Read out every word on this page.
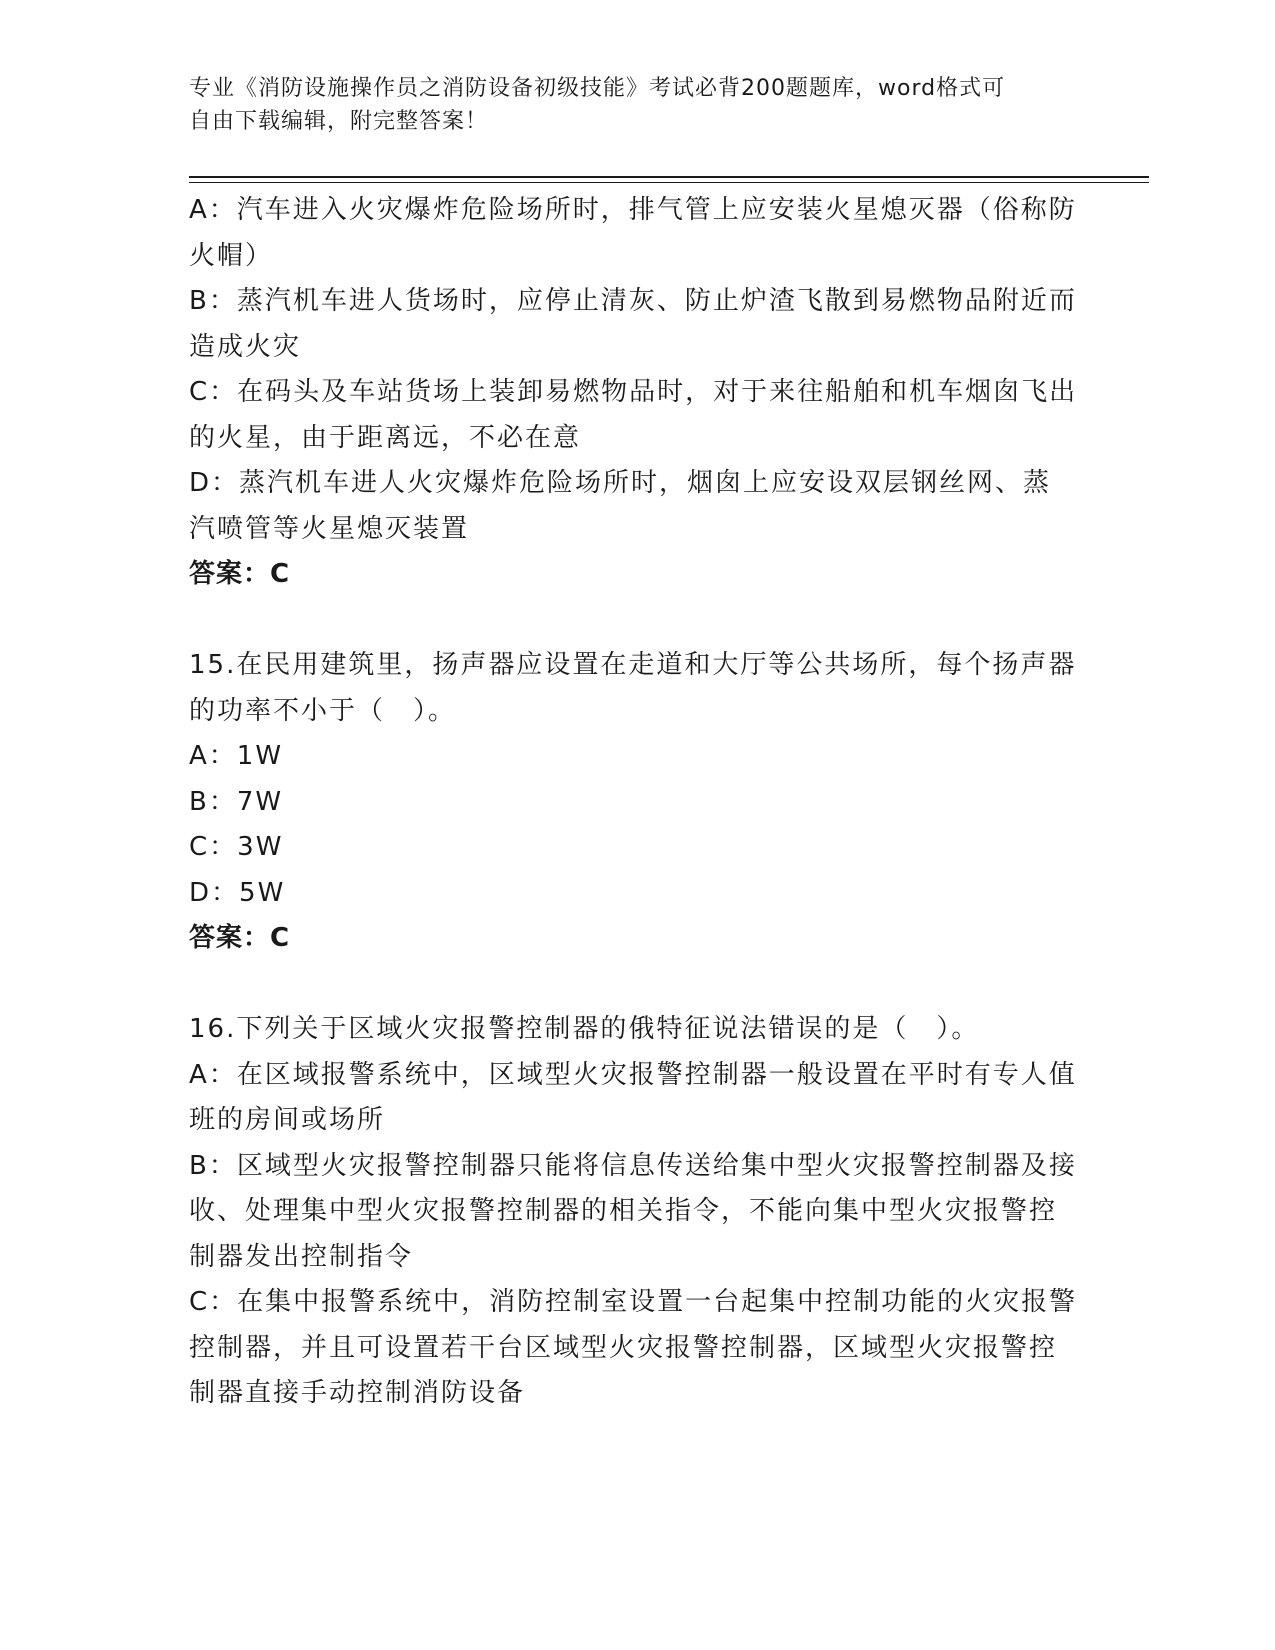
专业《消防设施操作员之消防设备初级技能》考试必背200题题库，word格式可
自由下载编辑，附完整答案！

A：汽车进入火灾爆炸危险场所时，排气管上应安装火星熄灭器（俗称防火帽）

B：蒸汽机车进人货场时，应停止清灰、防止炉渣飞散到易燃物品附近而造成火灾

C：在码头及车站货场上装卸易燃物品时，对于来往船舶和机车烟囱飞出的火星，由于距离远，不必在意

D：蒸汽机车进人火灾爆炸危险场所时，烟囱上应安设双层钢丝网、蒸汽喷管等火星熄灭装置

答案：C

15.在民用建筑里，扬声器应设置在走道和大厅等公共场所，每个扬声器的功率不小于（　）。

A：1W

B：7W

C：3W

D：5W

答案：C

16.下列关于区域火灾报警控制器的俄特征说法错误的是（　）。

A：在区域报警系统中，区域型火灾报警控制器一般设置在平时有专人值班的房间或场所

B：区域型火灾报警控制器只能将信息传送给集中型火灾报警控制器及接收、处理集中型火灾报警控制器的相关指令，不能向集中型火灾报警控制器发出控制指令

C：在集中报警系统中，消防控制室设置一台起集中控制功能的火灾报警控制器，并且可设置若干台区域型火灾报警控制器，区域型火灾报警控制器直接手动控制消防设备
